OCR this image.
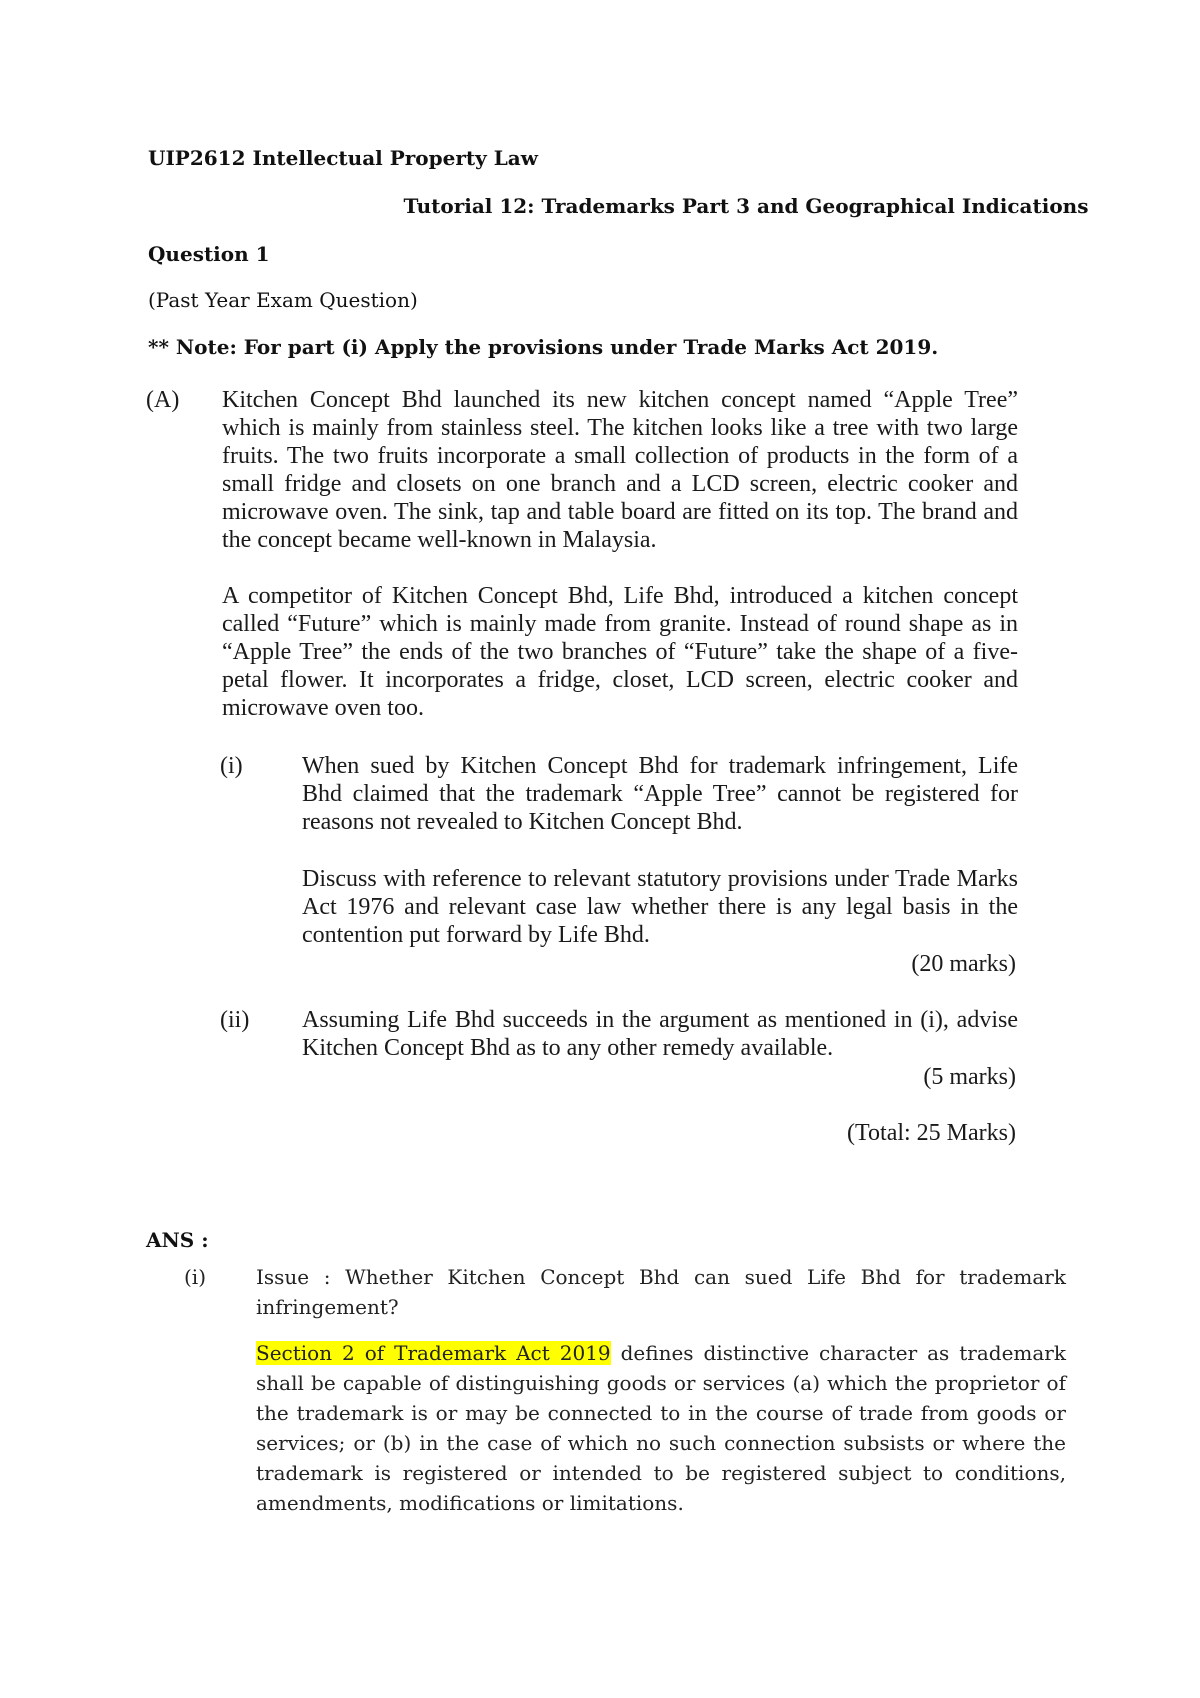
UIP2612 Intellectual Property Law

Tutorial 12: Trademarks Part 3 and Geographical Indications

Question 1

(Past Year Exam Question)

** Note: For part (i) Apply the provisions under Trade Marks Act 2019.

(A) Kitchen Concept Bhd launched its new kitchen concept named “Apple Tree” which is mainly from stainless steel. The kitchen looks like a tree with two large fruits. The two fruits incorporate a small collection of products in the form of a small fridge and closets on one branch and a LCD screen, electric cooker and microwave oven. The sink, tap and table board are fitted on its top. The brand and the concept became well-known in Malaysia.

A competitor of Kitchen Concept Bhd, Life Bhd, introduced a kitchen concept called “Future” which is mainly made from granite. Instead of round shape as in “Apple Tree” the ends of the two branches of “Future” take the shape of a five-petal flower. It incorporates a fridge, closet, LCD screen, electric cooker and microwave oven too.

(i) When sued by Kitchen Concept Bhd for trademark infringement, Life Bhd claimed that the trademark “Apple Tree” cannot be registered for reasons not revealed to Kitchen Concept Bhd.

Discuss with reference to relevant statutory provisions under Trade Marks Act 1976 and relevant case law whether there is any legal basis in the contention put forward by Life Bhd.

(20 marks)

(ii) Assuming Life Bhd succeeds in the argument as mentioned in (i), advise Kitchen Concept Bhd as to any other remedy available.

(5 marks)

(Total: 25 Marks)

ANS :

(i) Issue : Whether Kitchen Concept Bhd can sued Life Bhd for trademark infringement?

Section 2 of Trademark Act 2019 defines distinctive character as trademark shall be capable of distinguishing goods or services (a) which the proprietor of the trademark is or may be connected to in the course of trade from goods or services; or (b) in the case of which no such connection subsists or where the trademark is registered or intended to be registered subject to conditions, amendments, modifications or limitations.
